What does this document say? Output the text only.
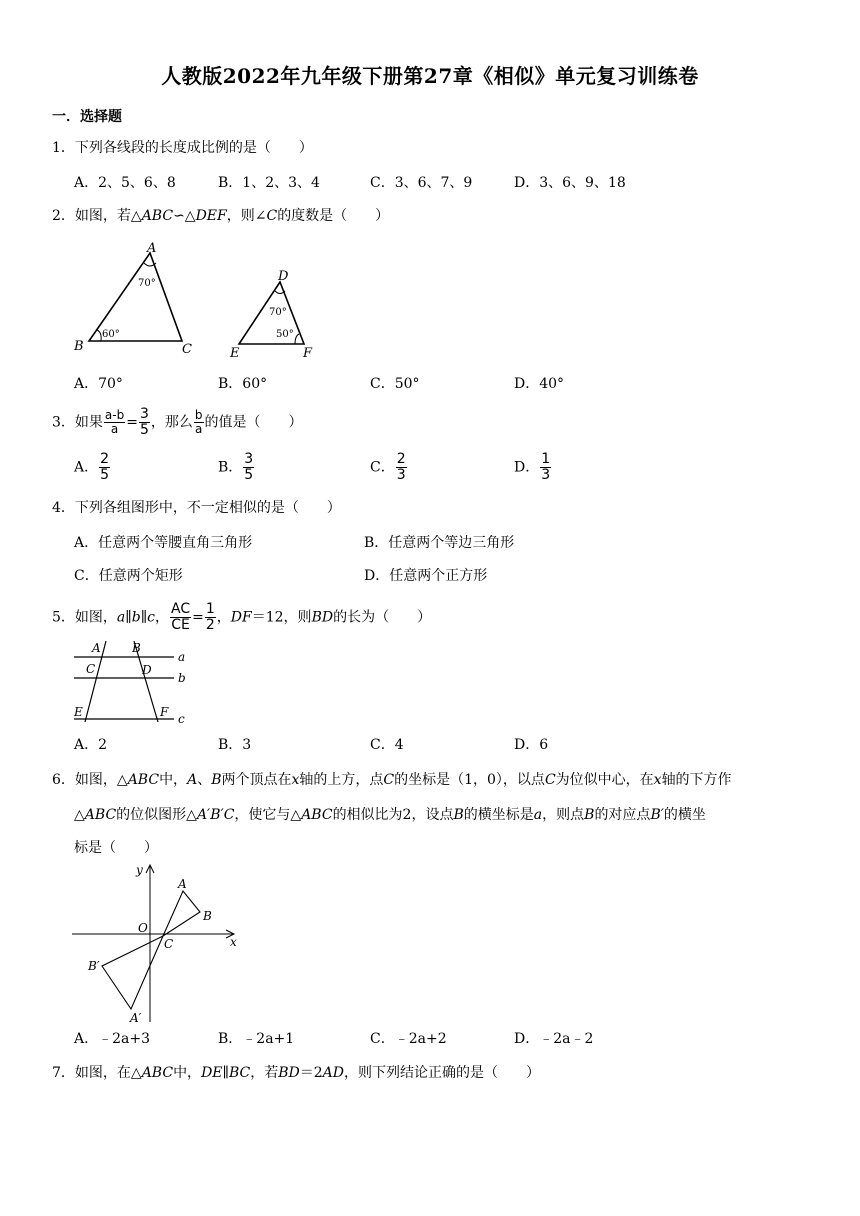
人教版2022年九年级下册第27章《相似》单元复习训练卷
一．选择题
1．下列各线段的长度成比例的是（　　）
A．2、5、6、8	B．1、2、3、4	C．3、6、7、9	D．3、6、9、18
2．如图，若△ABC∽△DEF，则∠C的度数是（　　）
A
70°
60°
B	C
D
70°
50°
E	F
A．70°	B．60°	C．50°	D．40°
3．如果 $\frac{a-b}{a} = \frac{3}{5}$ ，那么 $\frac{b}{a}$ 的值是（　　）
A． $\frac{2}{5}$	B． $\frac{3}{5}$	C． $\frac{2}{3}$	D． $\frac{1}{3}$
4．下列各组图形中，不一定相似的是（　　）
A．任意两个等腰直角三角形	B．任意两个等边三角形
C．任意两个矩形	D．任意两个正方形
5．如图，a∥b∥c， $\frac{AC}{CE} = \frac{1}{2}$ ，DF＝12，则BD的长为（　　）
A	B
C	D
E	F
a
b
c
A．2	B．3	C．4	D．6
6．如图，△ABC中，A、B两个顶点在x轴的上方，点C的坐标是（1，0），以点C为位似中心，在x轴的下方作
△ABC的位似图形△A′B′C，使它与△ABC的相似比为2，设点B的横坐标是a，则点B的对应点B′的横坐
标是（　　）
y
x
O
C
A
B
A′
B′
A．﹣2a+3	B．﹣2a+1	C．﹣2a+2	D．﹣2a﹣2
7．如图，在△ABC中，DE∥BC，若BD＝2AD，则下列结论正确的是（　　）
